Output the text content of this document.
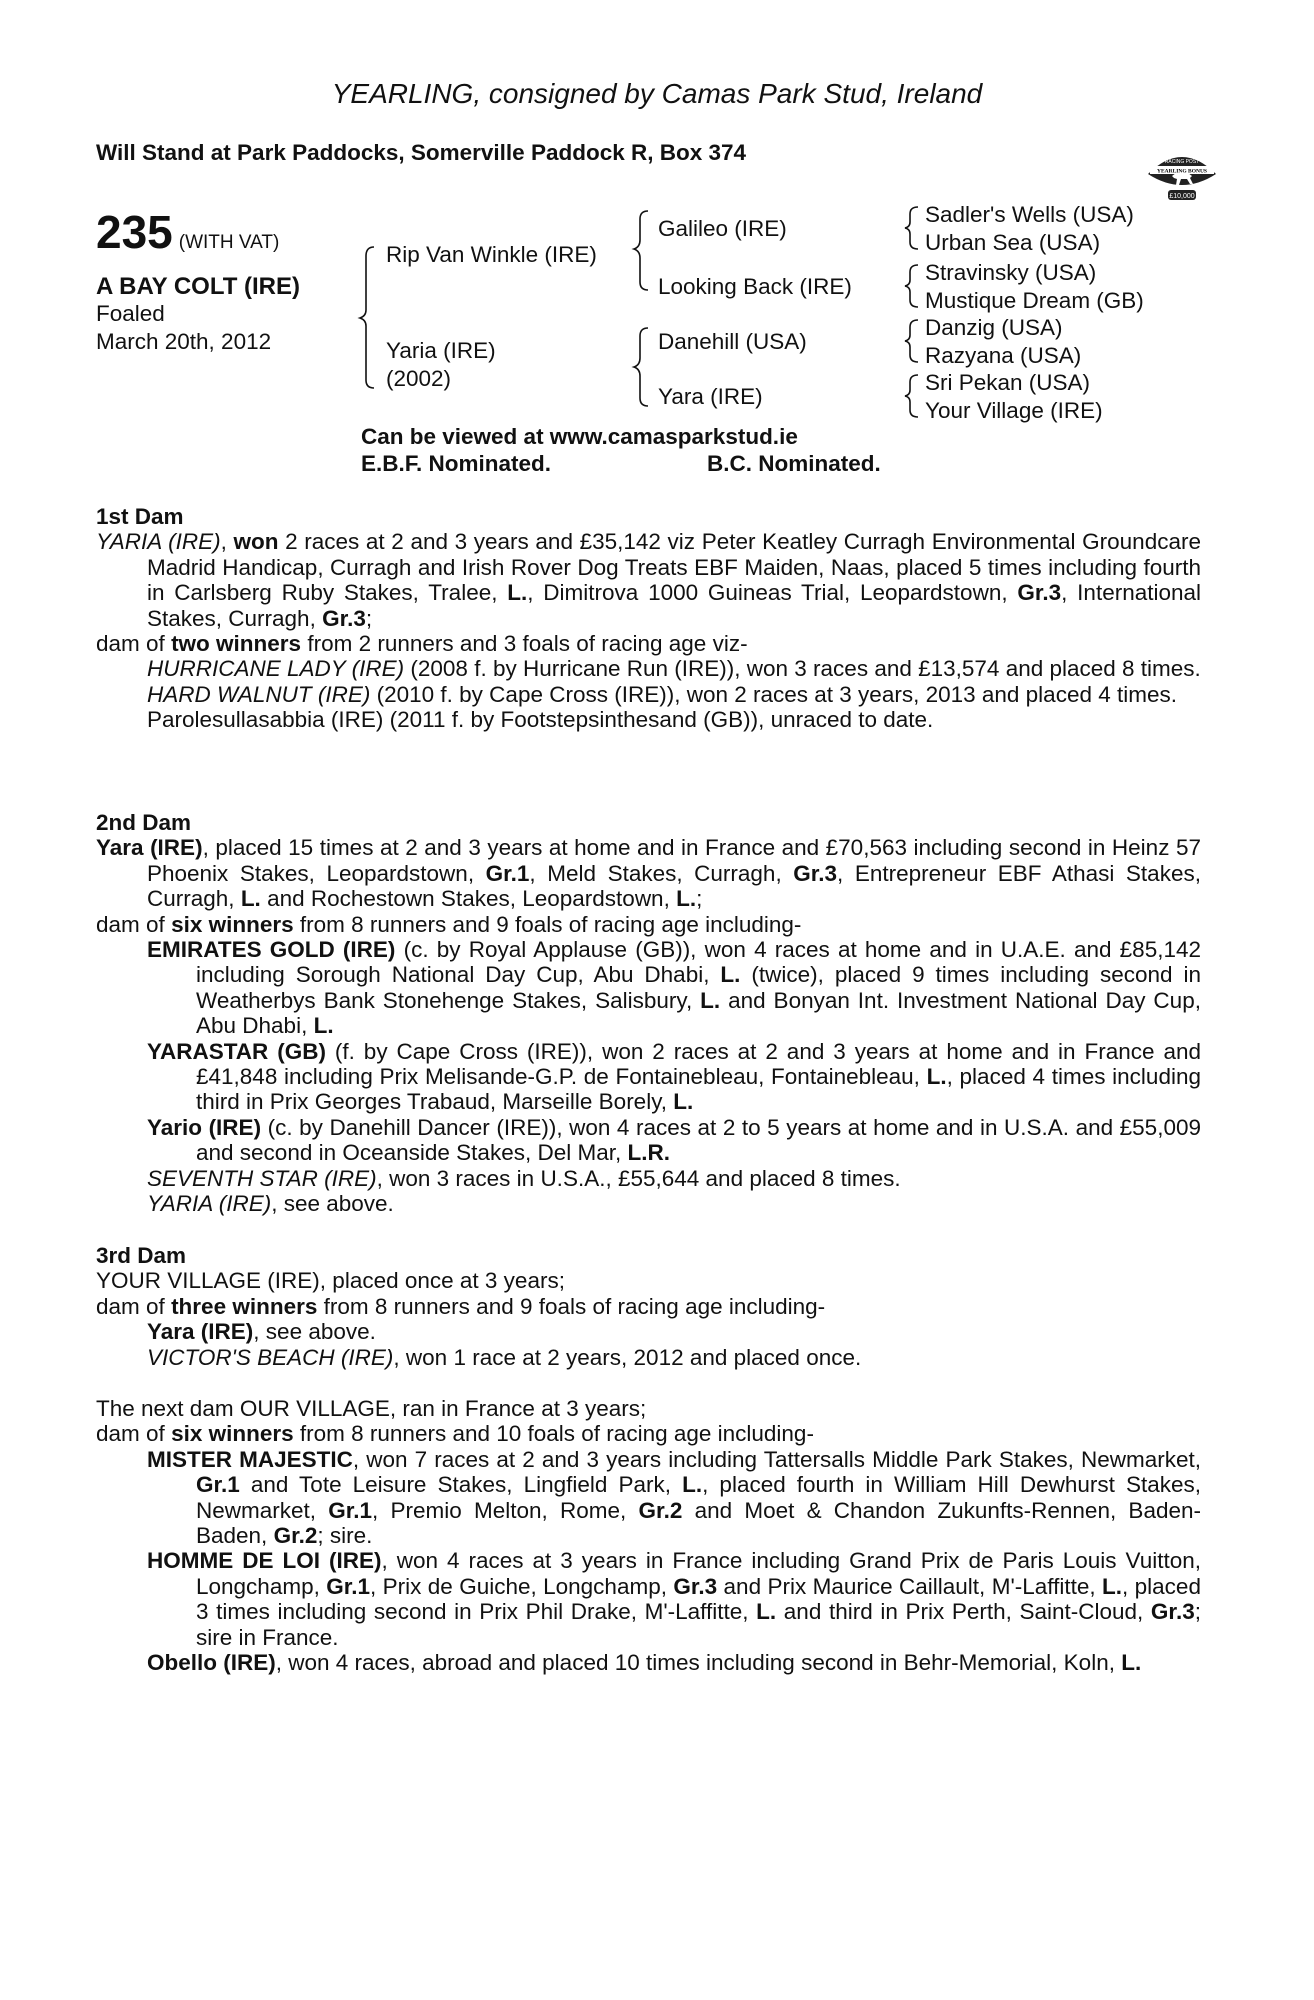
YEARLING, consigned by Camas Park Stud, Ireland
Will Stand at Park Paddocks, Somerville Paddock R, Box 374	RACING POST
YEARLING BONUS
£10,000
235 (WITH VAT)
A BAY COLT (IRE)
Foaled
March 20th, 2012
Rip Van Winkle (IRE)
Yaria (IRE)
(2002)
Galileo (IRE)
Looking Back (IRE)
Danehill (USA)
Yara (IRE)
Sadler's Wells (USA)
Urban Sea (USA)
Stravinsky (USA)
Mustique Dream (GB)
Danzig (USA)
Razyana (USA)
Sri Pekan (USA)
Your Village (IRE)
Can be viewed at www.camasparkstud.ie
E.B.F. Nominated.	B.C. Nominated.

1st Dam

YARIA (IRE), won 2 races at 2 and 3 years and £35,142 viz Peter Keatley Curragh Environmental Groundcare Madrid Handicap, Curragh and Irish Rover Dog Treats EBF Maiden, Naas, placed 5 times including fourth in Carlsberg Ruby Stakes, Tralee, L., Dimitrova 1000 Guineas Trial, Leopardstown, Gr.3, International Stakes, Curragh, Gr.3;

dam of two winners from 2 runners and 3 foals of racing age viz-

HURRICANE LADY (IRE) (2008 f. by Hurricane Run (IRE)), won 3 races and £13,574 and placed 8 times.

HARD WALNUT (IRE) (2010 f. by Cape Cross (IRE)), won 2 races at 3 years, 2013 and placed 4 times.

Parolesullasabbia (IRE) (2011 f. by Footstepsinthesand (GB)), unraced to date.

2nd Dam

Yara (IRE), placed 15 times at 2 and 3 years at home and in France and £70,563 including second in Heinz 57 Phoenix Stakes, Leopardstown, Gr.1, Meld Stakes, Curragh, Gr.3, Entrepreneur EBF Athasi Stakes, Curragh, L. and Rochestown Stakes, Leopardstown, L.;

dam of six winners from 8 runners and 9 foals of racing age including-

EMIRATES GOLD (IRE) (c. by Royal Applause (GB)), won 4 races at home and in U.A.E. and £85,142 including Sorough National Day Cup, Abu Dhabi, L. (twice), placed 9 times including second in Weatherbys Bank Stonehenge Stakes, Salisbury, L. and Bonyan Int. Investment National Day Cup, Abu Dhabi, L.

YARASTAR (GB) (f. by Cape Cross (IRE)), won 2 races at 2 and 3 years at home and in France and £41,848 including Prix Melisande-G.P. de Fontainebleau, Fontainebleau, L., placed 4 times including third in Prix Georges Trabaud, Marseille Borely, L.

Yario (IRE) (c. by Danehill Dancer (IRE)), won 4 races at 2 to 5 years at home and in U.S.A. and £55,009 and second in Oceanside Stakes, Del Mar, L.R.

SEVENTH STAR (IRE), won 3 races in U.S.A., £55,644 and placed 8 times.

YARIA (IRE), see above.

3rd Dam

YOUR VILLAGE (IRE), placed once at 3 years;

dam of three winners from 8 runners and 9 foals of racing age including-

Yara (IRE), see above.

VICTOR'S BEACH (IRE), won 1 race at 2 years, 2012 and placed once.

The next dam OUR VILLAGE, ran in France at 3 years;

dam of six winners from 8 runners and 10 foals of racing age including-

MISTER MAJESTIC, won 7 races at 2 and 3 years including Tattersalls Middle Park Stakes, Newmarket, Gr.1 and Tote Leisure Stakes, Lingfield Park, L., placed fourth in William Hill Dewhurst Stakes, Newmarket, Gr.1, Premio Melton, Rome, Gr.2 and Moet & Chandon Zukunfts-Rennen, Baden-Baden, Gr.2; sire.

HOMME DE LOI (IRE), won 4 races at 3 years in France including Grand Prix de Paris Louis Vuitton, Longchamp, Gr.1, Prix de Guiche, Longchamp, Gr.3 and Prix Maurice Caillault, M'-Laffitte, L., placed 3 times including second in Prix Phil Drake, M'-Laffitte, L. and third in Prix Perth, Saint-Cloud, Gr.3; sire in France.

Obello (IRE), won 4 races, abroad and placed 10 times including second in Behr-Memorial, Koln, L.
